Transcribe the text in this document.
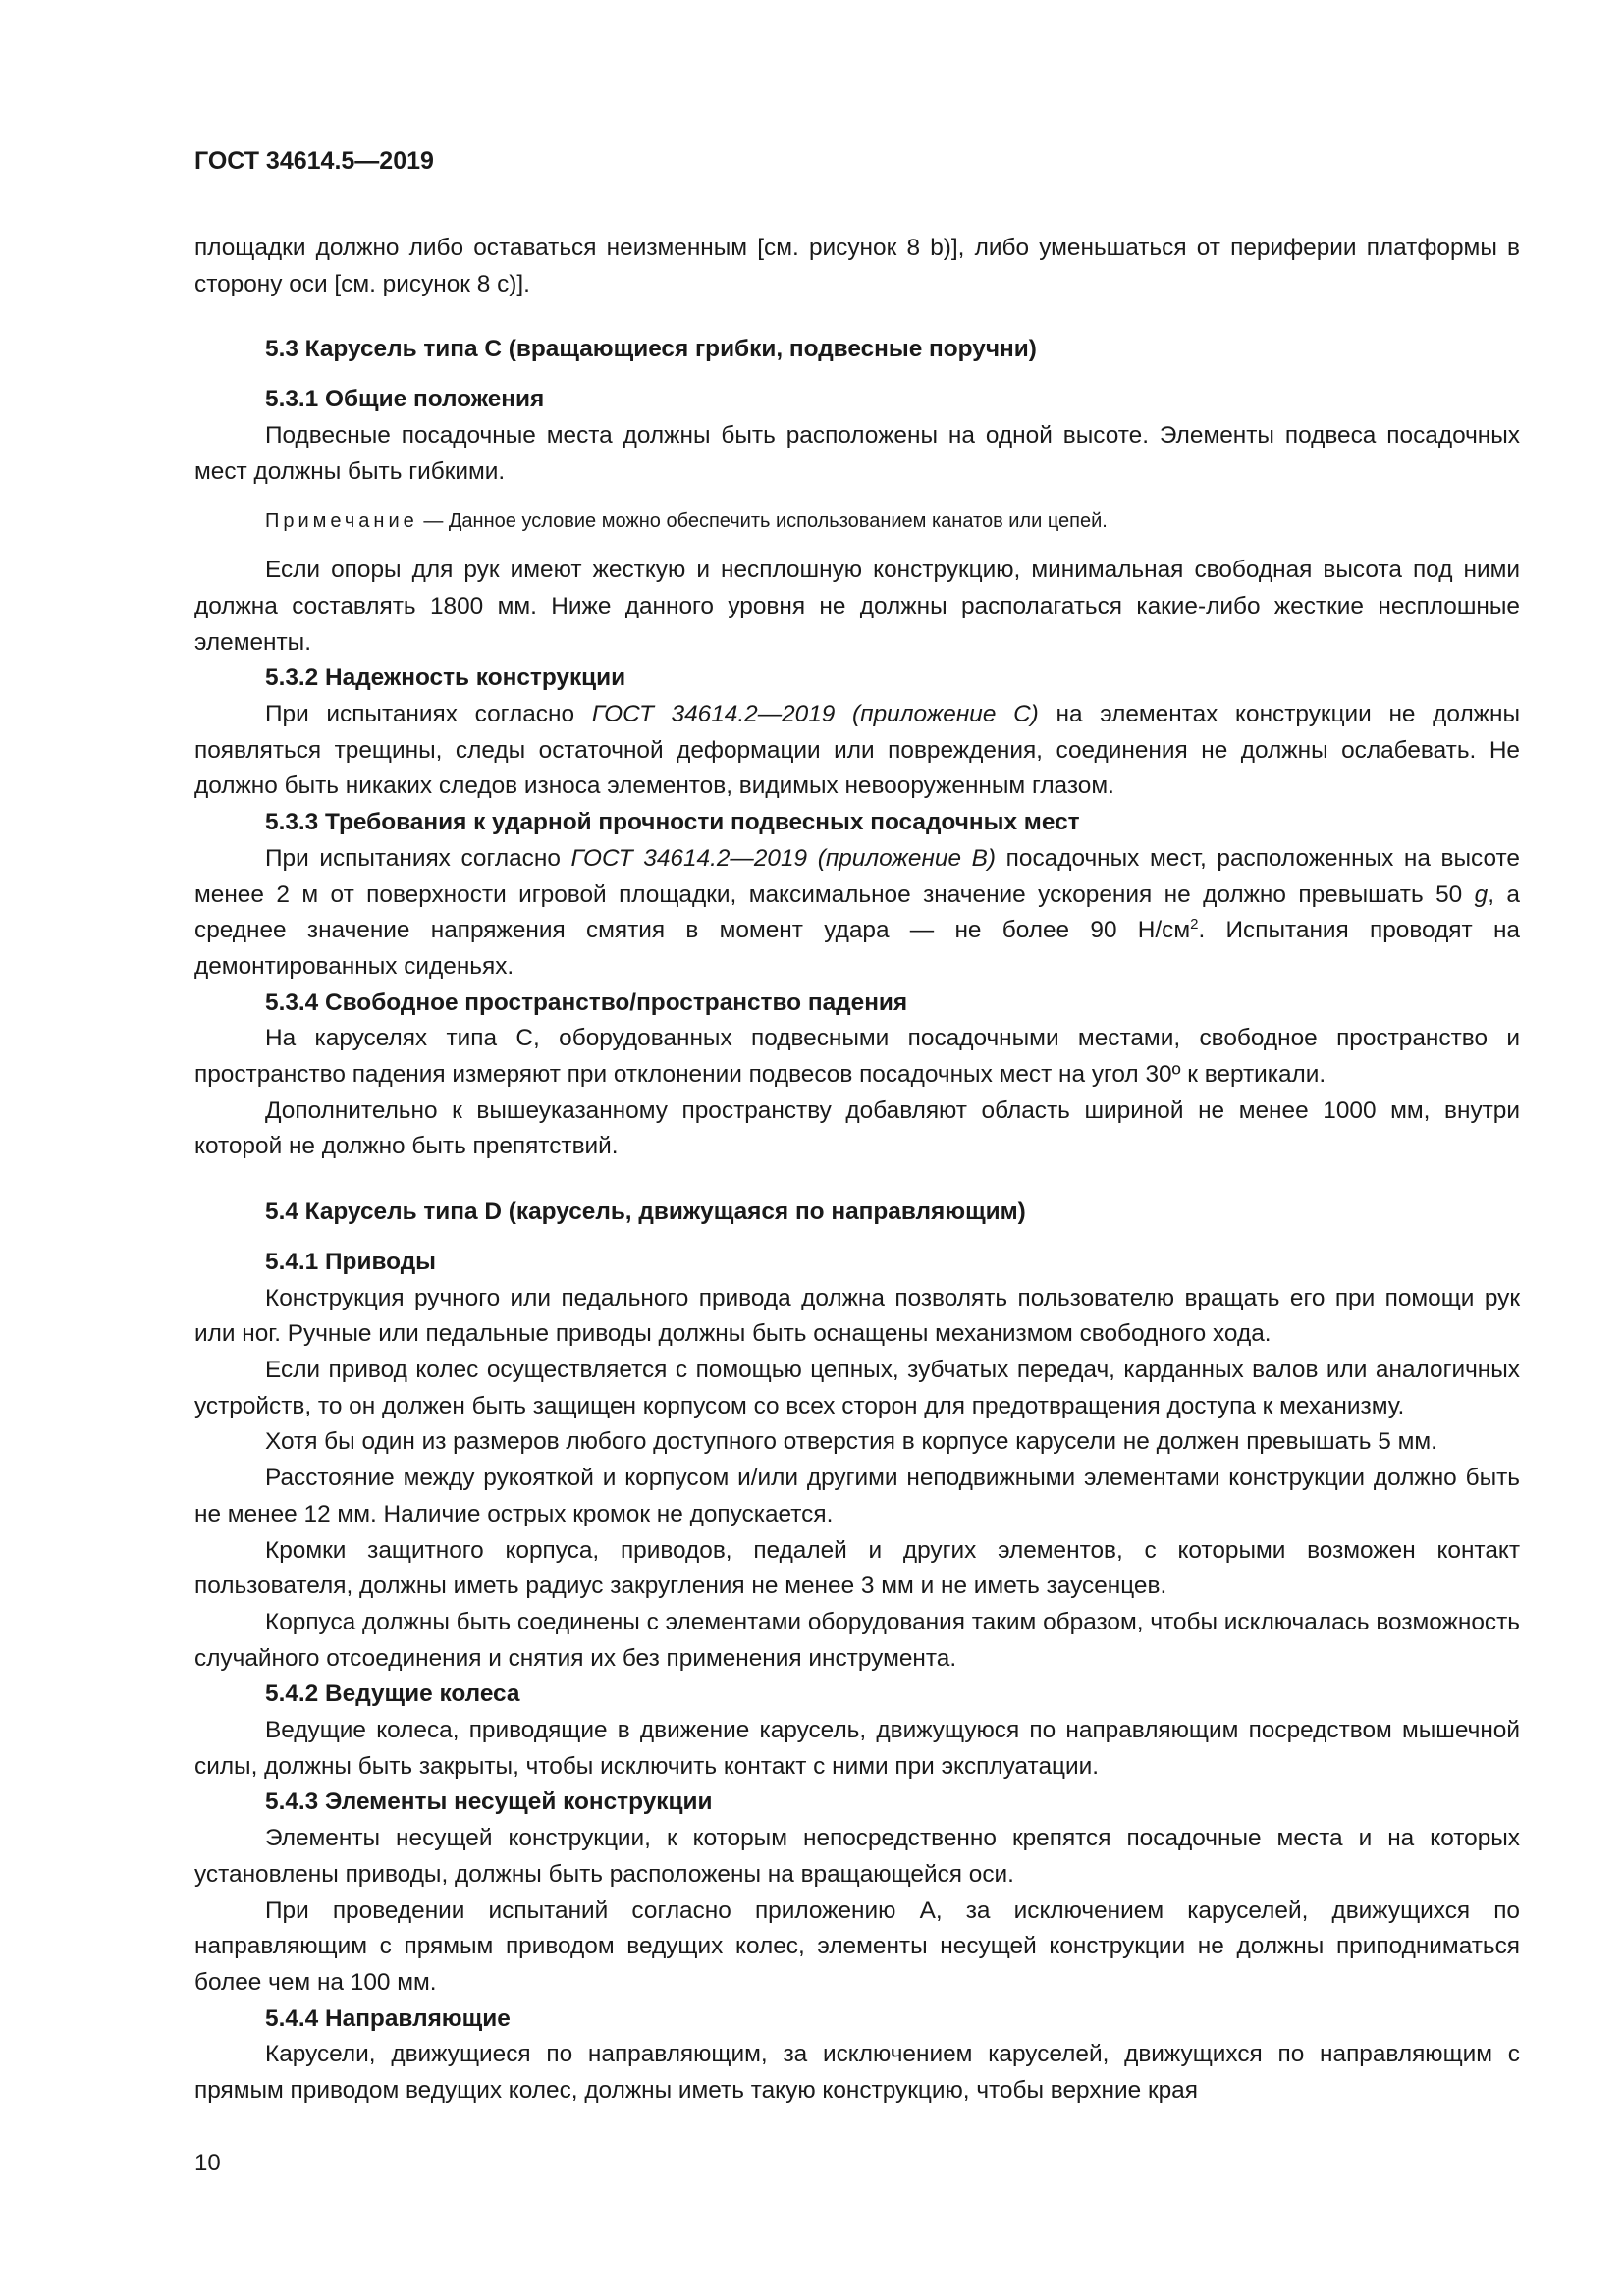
ГОСТ 34614.5—2019

площадки должно либо оставаться неизменным [см. рисунок 8 b)], либо уменьшаться от периферии платформы в сторону оси [см. рисунок 8 c)].

5.3 Карусель типа С (вращающиеся грибки, подвесные поручни)
5.3.1 Общие положения

Подвесные посадочные места должны быть расположены на одной высоте. Элементы подвеса посадочных мест должны быть гибкими.

Примечание — Данное условие можно обеспечить использованием канатов или цепей.

Если опоры для рук имеют жесткую и несплошную конструкцию, минимальная свободная высота под ними должна составлять 1800 мм. Ниже данного уровня не должны располагаться какие-либо жесткие несплошные элементы.

5.3.2 Надежность конструкции

При испытаниях согласно ГОСТ 34614.2—2019 (приложение С) на элементах конструкции не должны появляться трещины, следы остаточной деформации или повреждения, соединения не должны ослабевать. Не должно быть никаких следов износа элементов, видимых невооруженным глазом.

5.3.3 Требования к ударной прочности подвесных посадочных мест

При испытаниях согласно ГОСТ 34614.2—2019 (приложение В) посадочных мест, расположенных на высоте менее 2 м от поверхности игровой площадки, максимальное значение ускорения не должно превышать 50 g, а среднее значение напряжения смятия в момент удара — не более 90 $Н/см^2$. Испытания проводят на демонтированных сиденьях.

5.3.4 Свободное пространство/пространство падения

На каруселях типа С, оборудованных подвесными посадочными местами, свободное пространство и пространство падения измеряют при отклонении подвесов посадочных мест на угол 30º к вертикали.

Дополнительно к вышеуказанному пространству добавляют область шириной не менее 1000 мм, внутри которой не должно быть препятствий.

5.4 Карусель типа D (карусель, движущаяся по направляющим)
5.4.1 Приводы

Конструкция ручного или педального привода должна позволять пользователю вращать его при помощи рук или ног. Ручные или педальные приводы должны быть оснащены механизмом свободного хода.

Если привод колес осуществляется с помощью цепных, зубчатых передач, карданных валов или аналогичных устройств, то он должен быть защищен корпусом со всех сторон для предотвращения доступа к механизму.

Хотя бы один из размеров любого доступного отверстия в корпусе карусели не должен превышать 5 мм.

Расстояние между рукояткой и корпусом и/или другими неподвижными элементами конструкции должно быть не менее 12 мм. Наличие острых кромок не допускается.

Кромки защитного корпуса, приводов, педалей и других элементов, с которыми возможен контакт пользователя, должны иметь радиус закругления не менее 3 мм и не иметь заусенцев.

Корпуса должны быть соединены с элементами оборудования таким образом, чтобы исключалась возможность случайного отсоединения и снятия их без применения инструмента.

5.4.2 Ведущие колеса

Ведущие колеса, приводящие в движение карусель, движущуюся по направляющим посредством мышечной силы, должны быть закрыты, чтобы исключить контакт с ними при эксплуатации.

5.4.3 Элементы несущей конструкции

Элементы несущей конструкции, к которым непосредственно крепятся посадочные места и на которых установлены приводы, должны быть расположены на вращающейся оси.

При проведении испытаний согласно приложению А, за исключением каруселей, движущихся по направляющим с прямым приводом ведущих колес, элементы несущей конструкции не должны приподниматься более чем на 100 мм.

5.4.4 Направляющие

Карусели, движущиеся по направляющим, за исключением каруселей, движущихся по направляющим с прямым приводом ведущих колес, должны иметь такую конструкцию, чтобы верхние края

10
